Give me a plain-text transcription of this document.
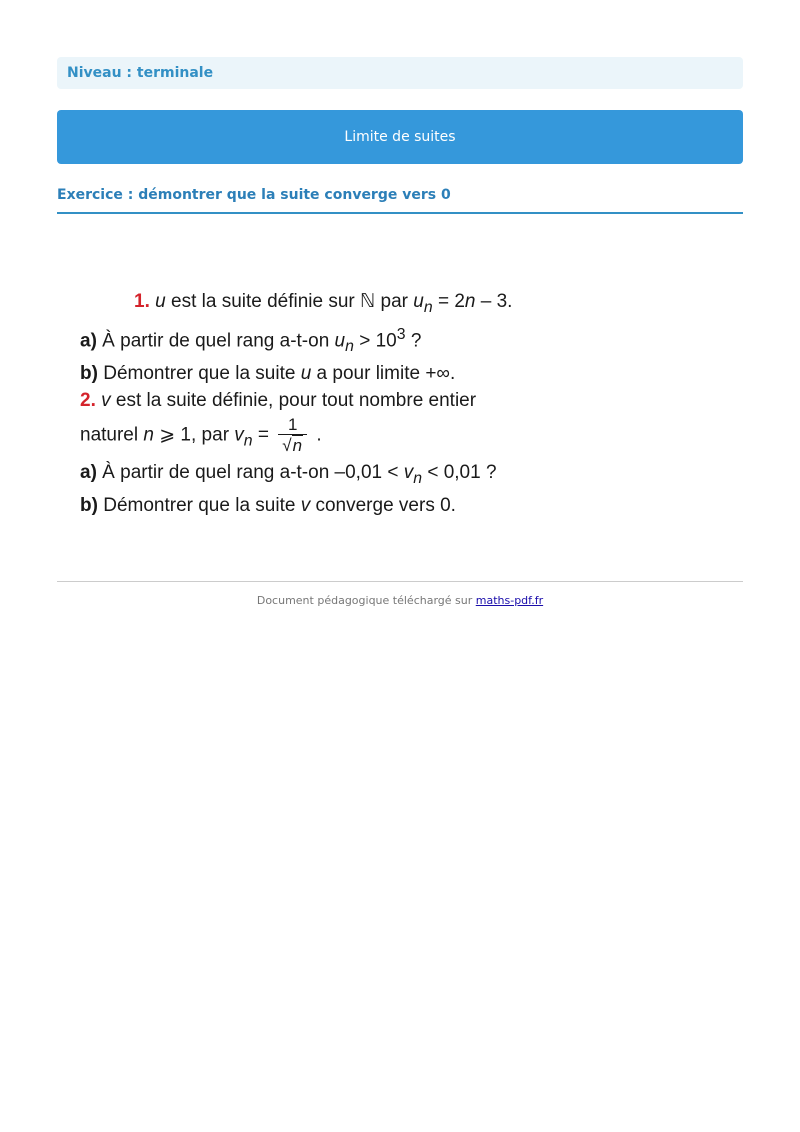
Niveau : terminale
Limite de suites
Exercice : démontrer que la suite converge vers 0
1. u est la suite définie sur ℕ par $u_n = 2n - 3$.
a) À partir de quel rang a-t-on $u_n > 10^3$ ?
b) Démontrer que la suite u a pour limite +∞.
2. v est la suite définie, pour tout nombre entier
naturel n ⩾ 1, par $v_n = \frac{1}{√n}$ .
a) À partir de quel rang a-t-on $-0,01 < v_n < 0,01$ ?
b) Démontrer que la suite v converge vers 0.
Document pédagogique téléchargé sur maths-pdf.fr
